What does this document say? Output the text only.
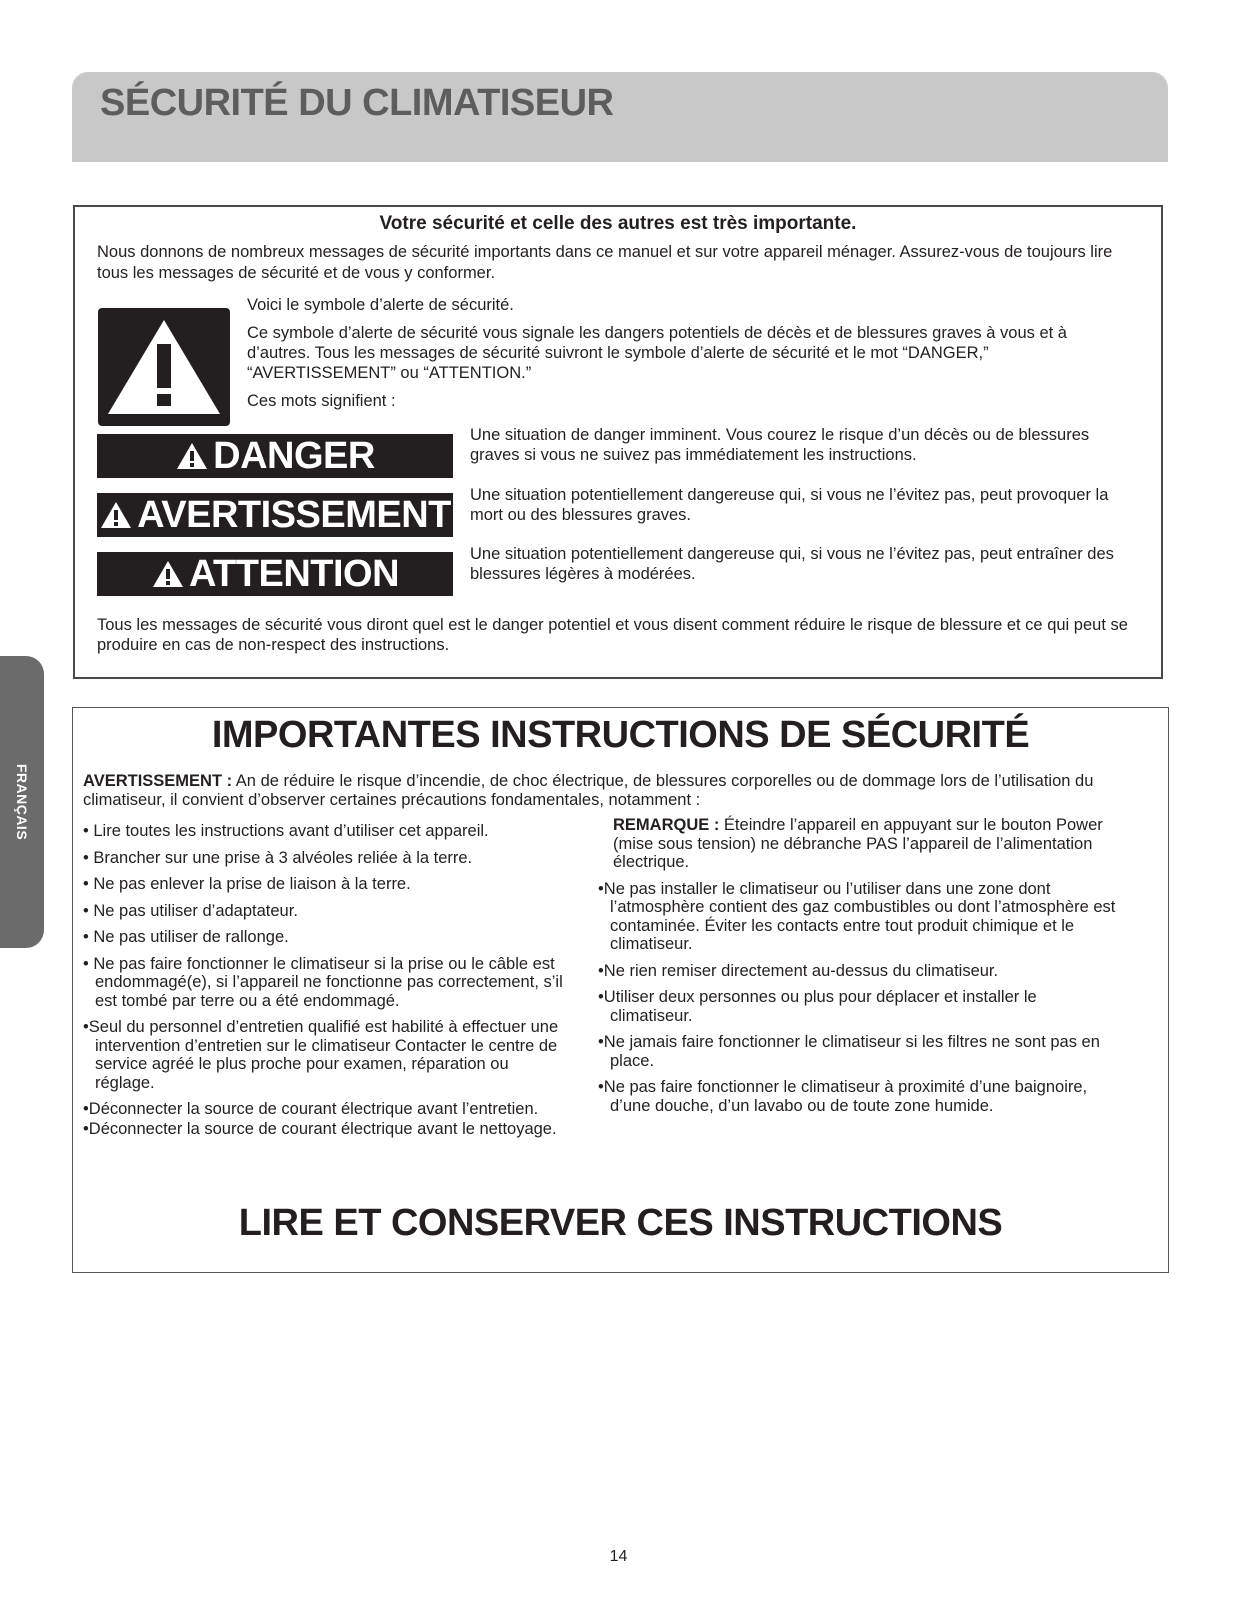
SÉCURITÉ DU CLIMATISEUR
FRANÇAIS

Votre sécurité et celle des autres est très importante.

Nous donnons de nombreux messages de sécurité importants dans ce manuel et sur votre appareil ménager. Assurez-vous de toujours lire tous les messages de sécurité et de vous y conformer.

Voici le symbole d’alerte de sécurité.

Ce symbole d’alerte de sécurité vous signale les dangers potentiels de décès et de blessures graves à vous et à d’autres. Tous les messages de sécurité suivront le symbole d’alerte de sécurité et le mot “DANGER,” “AVERTISSEMENT” ou “ATTENTION.”

Ces mots signifient :

DANGER	Une situation de danger imminent. Vous courez le risque d’un décès ou de blessures graves si vous ne suivez pas immédiatement les instructions.

AVERTISSEMENT Une situation potentiellement dangereuse qui, si vous ne l’évitez pas, peut provoquer la mort ou des blessures graves.

ATTENTION	Une situation potentiellement dangereuse qui, si vous ne l’évitez pas, peut entraîner des blessures légères à modérées.

Tous les messages de sécurité vous diront quel est le danger potentiel et vous disent comment réduire le risque de blessure et ce qui peut se produire en cas de non-respect des instructions.

IMPORTANTES INSTRUCTIONS DE SÉCURITÉ

AVERTISSEMENT : An de réduire le risque d’incendie, de choc électrique, de blessures corporelles ou de dommage lors de l’utilisation du climatiseur, il convient d’observer certaines précautions fondamentales, notamment :

• Lire toutes les instructions avant d’utiliser cet appareil.

• Brancher sur une prise à 3 alvéoles reliée à la terre.

• Ne pas enlever la prise de liaison à la terre.

• Ne pas utiliser d’adaptateur.

• Ne pas utiliser de rallonge.

• Ne pas faire fonctionner le climatiseur si la prise ou le câble est endommagé(e), si l’appareil ne fonctionne pas correctement, s’il est tombé par terre ou a été endommagé.

•Seul du personnel d’entretien qualifié est habilité à effectuer une intervention d’entretien sur le climatiseur Contacter le centre de service agréé le plus proche pour examen, réparation ou réglage.

•Déconnecter la source de courant électrique avant l’entretien.

•Déconnecter la source de courant électrique avant le nettoyage.

REMARQUE : Éteindre l’appareil en appuyant sur le bouton Power (mise sous tension) ne débranche PAS l’appareil de l’alimentation électrique.

•Ne pas installer le climatiseur ou l’utiliser dans une zone dont l’atmosphère contient des gaz combustibles ou dont l’atmosphère est contaminée. Éviter les contacts entre tout produit chimique et le climatiseur.

•Ne rien remiser directement au-dessus du climatiseur.

•Utiliser deux personnes ou plus pour déplacer et installer le climatiseur.

•Ne jamais faire fonctionner le climatiseur si les filtres ne sont pas en place.

•Ne pas faire fonctionner le climatiseur à proximité d’une baignoire, d’une douche, d’un lavabo ou de toute zone humide.

LIRE ET CONSERVER CES INSTRUCTIONS

14
